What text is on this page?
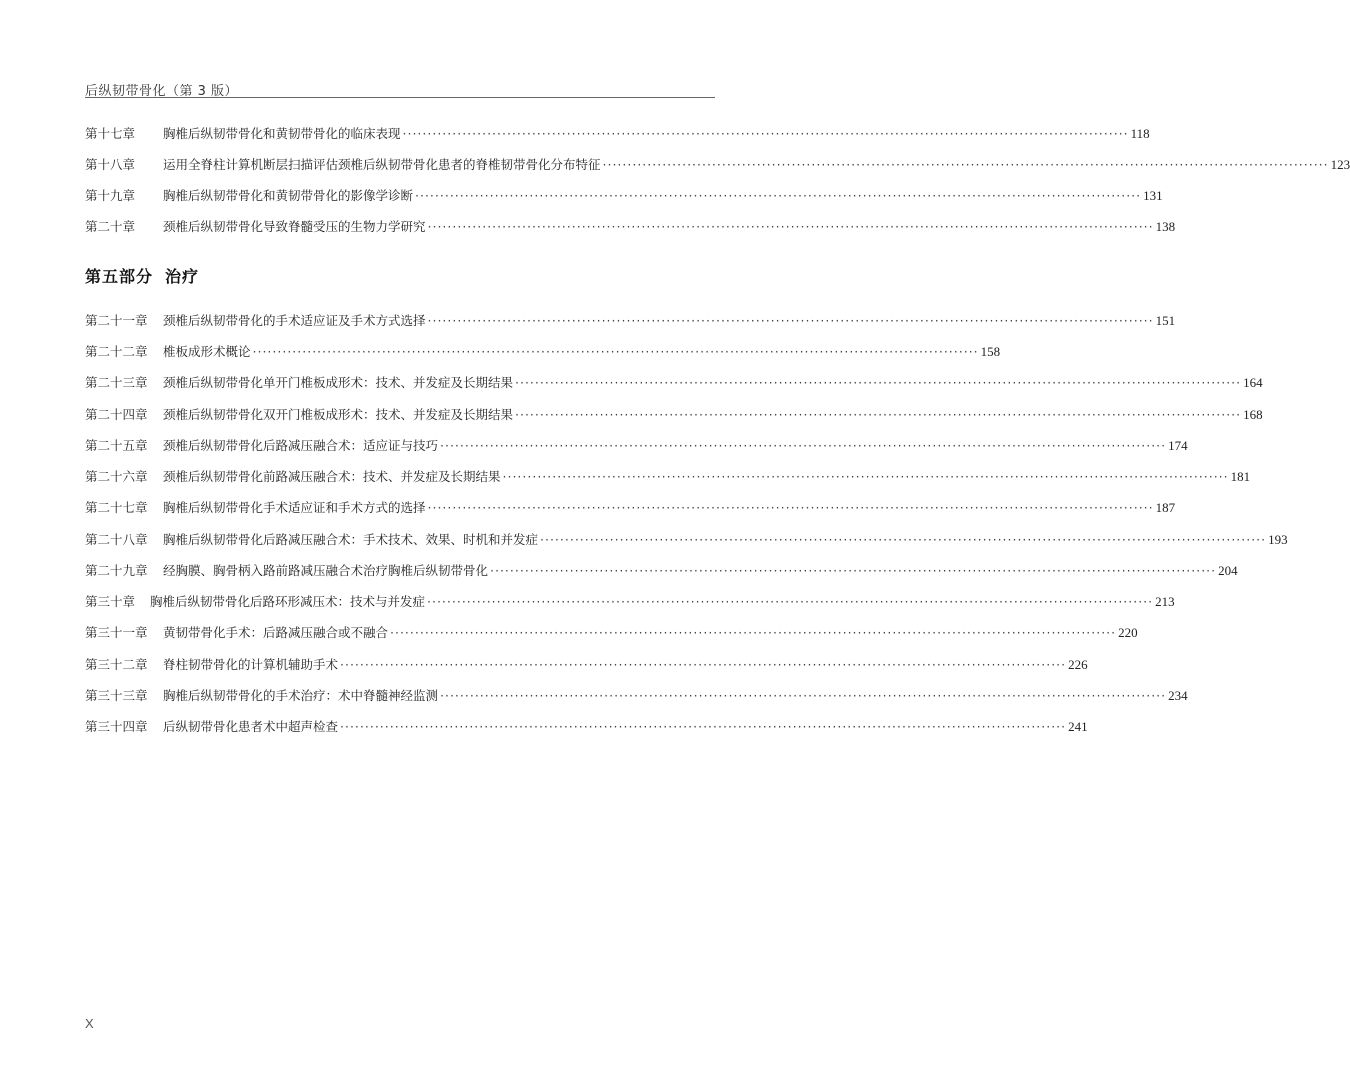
后纵韧带骨化（第 3 版）
第十七章	胸椎后纵韧带骨化和黄韧带骨化的临床表现 ·················································································································································· 118
第十八章	运用全脊柱计算机断层扫描评估颈椎后纵韧带骨化患者的脊椎韧带骨化分布特征 ·················································································································································· 123
第十九章	胸椎后纵韧带骨化和黄韧带骨化的影像学诊断 ·················································································································································· 131
第二十章	颈椎后纵韧带骨化导致脊髓受压的生物力学研究 ·················································································································································· 138
第五部分 治疗
第二十一章	颈椎后纵韧带骨化的手术适应证及手术方式选择 ·················································································································································· 151
第二十二章	椎板成形术概论 ·················································································································································· 158
第二十三章	颈椎后纵韧带骨化单开门椎板成形术：技术、并发症及长期结果 ·················································································································································· 164
第二十四章	颈椎后纵韧带骨化双开门椎板成形术：技术、并发症及长期结果 ·················································································································································· 168
第二十五章	颈椎后纵韧带骨化后路减压融合术：适应证与技巧 ·················································································································································· 174
第二十六章	颈椎后纵韧带骨化前路减压融合术：技术、并发症及长期结果 ·················································································································································· 181
第二十七章	胸椎后纵韧带骨化手术适应证和手术方式的选择 ·················································································································································· 187
第二十八章	胸椎后纵韧带骨化后路减压融合术：手术技术、效果、时机和并发症 ·················································································································································· 193
第二十九章	经胸膜、胸骨柄入路前路减压融合术治疗胸椎后纵韧带骨化 ·················································································································································· 204
第三十章	胸椎后纵韧带骨化后路环形减压术：技术与并发症 ·················································································································································· 213
第三十一章	黄韧带骨化手术：后路减压融合或不融合 ·················································································································································· 220
第三十二章	脊柱韧带骨化的计算机辅助手术 ·················································································································································· 226
第三十三章	胸椎后纵韧带骨化的手术治疗：术中脊髓神经监测 ·················································································································································· 234
第三十四章	后纵韧带骨化患者术中超声检查 ·················································································································································· 241
X
